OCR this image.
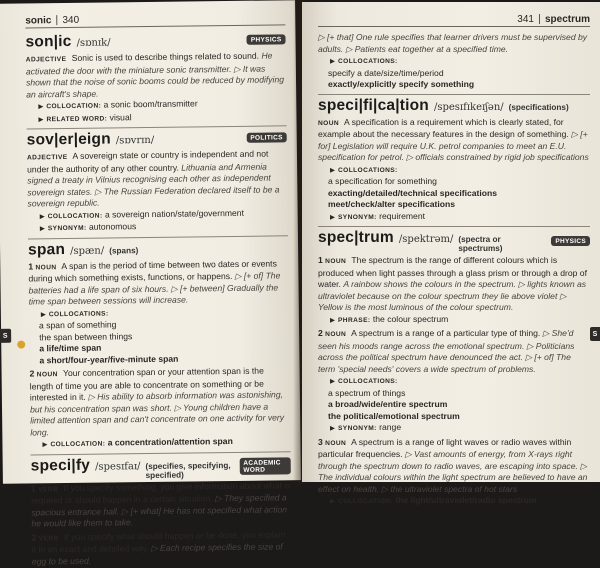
sonic 340
son|ic /sɒnɪk/	PHYSICS
ADJECTIVE Sonic is used to describe things related to sound. He activated the door with the miniature sonic transmitter. ▷ It was shown that the noise of sonic booms could be reduced by modifying an aircraft's shape.
▶ COLLOCATION: a sonic boom/transmitter
▶ RELATED WORD: visual
sov|er|eign /sɒvrɪn/	POLITICS
ADJECTIVE A sovereign state or country is independent and not under the authority of any other country. Lithuania and Armenia signed a treaty in Vilnius recognising each other as independent sovereign states. ▷ The Russian Federation declared itself to be a sovereign republic.
▶ COLLOCATION: a sovereign nation/state/government
▶ SYNONYM: autonomous
span /spæn/ (spans)
1 NOUN A span is the period of time between two dates or events during which something exists, functions, or happens. ▷ [+ of] The batteries had a life span of six hours. ▷ [+ between] Gradually the time span between sessions will increase.
▶ COLLOCATIONS:
a span of something
the span between things
a life/time span
a short/four-year/five-minute span
2 NOUN Your concentration span or your attention span is the length of time you are able to concentrate on something or be interested in it. ▷ His ability to absorb information was astonishing, but his concentration span was short. ▷ Young children have a limited attention span and can't concentrate on one activity for very long.
▶ COLLOCATION: a concentration/attention span
speci|fy /spesɪfaɪ/ (specifies, specifying, specified)
ACADEMIC WORD
1 VERB If you specify something, you give information about what is required or should happen in a certain situation. ▷ They specified a spacious entrance hall. ▷ [+ what] He has not specified what action he would like them to take.
2 VERB If you specify what should happen or be done, you explain it in an exact and detailed way. ▷ Each recipe specifies the size of egg to be used.
S
341 spectrum
▷ [+ that] One rule specifies that learner drivers must be supervised by adults. ▷ Patients eat together at a specified time.
▶ COLLOCATIONS:
specify a date/size/time/period
exactly/explicitly specify something
speci|fi|ca|tion /spesɪfɪkeɪʃən/ (specifications)
NOUN A specification is a requirement which is clearly stated, for example about the necessary features in the design of something. ▷ [+ for] Legislation will require U.K. petrol companies to meet an E.U. specification for petrol. ▷ officials constrained by rigid job specifications
▶ COLLOCATIONS:
a specification for something
exacting/detailed/technical specifications
meet/check/alter specifications
▶ SYNONYM: requirement
spec|trum /spektrəm/ (spectra or spectrums)
PHYSICS
1 NOUN The spectrum is the range of different colours which is produced when light passes through a glass prism or through a drop of water. A rainbow shows the colours in the spectrum. ▷ lights known as ultraviolet because on the colour spectrum they lie above violet ▷ Yellow is the most luminous of the colour spectrum.
▶ PHRASE: the colour spectrum
2 NOUN A spectrum is a range of a particular type of thing. ▷ She'd seen his moods range across the emotional spectrum. ▷ Politicians across the political spectrum have denounced the act. ▷ [+ of] The term 'special needs' covers a wide spectrum of problems.
▶ COLLOCATIONS:
a spectrum of things
a broad/wide/entire spectrum
the political/emotional spectrum
▶ SYNONYM: range
3 NOUN A spectrum is a range of light waves or radio waves within particular frequencies. ▷ Vast amounts of energy, from X-rays right through the spectrum down to radio waves, are escaping into space. ▷ The individual colours within the light spectrum are believed to have an effect on health. ▷ the ultraviolet spectra of hot stars
▶ COLLOCATION: the light/ultraviolet/radio spectrum
S
